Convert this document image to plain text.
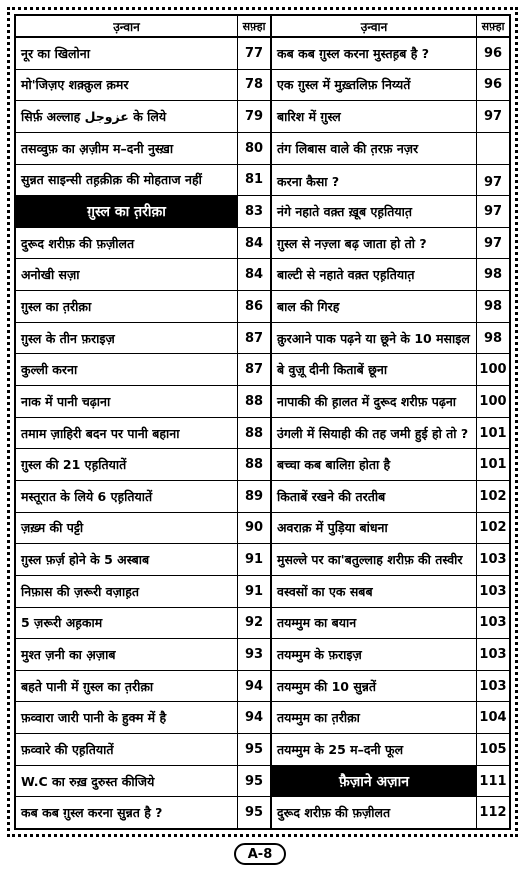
उ़न्वान	सफ़्हा
नूर का खिलोना	77
मो'जिज़ए शक़्क़ुल क़मर	78
सिर्फ़ अल्लाह عزوجل के लिये	79
तसव्वुफ़ का अ़ज़ीम म–दनी नुस्ख़ा	80
सुन्नत साइन्सी तह़क़ीक़ की मोहताज नहीं	81
ग़ुस्ल का त़रीक़ा	83
दुरूद शरीफ़ की फ़ज़ीलत	84
अनोखी सज़ा	84
ग़ुस्ल का त़रीक़ा	86
ग़ुस्ल के तीन फ़राइज़	87
कुल्ली करना	87
नाक में पानी चढ़ाना	88
तमाम ज़ाहिरी बदन पर पानी बहाना	88
ग़ुस्ल की 21 एह़तियातें	88
मस्तूरात के लिये 6 एह़तियातें	89
ज़ख़्म की पट्टी	90
ग़ुस्ल फ़र्ज़ होने के 5 अस्बाब	91
निफ़ास की ज़रूरी वज़ाह़त	91
5 ज़रूरी अह़काम	92
मुश्त ज़नी का अ़ज़ाब	93
बहते पानी में ग़ुस्ल का त़रीक़ा	94
फ़व्वारा जारी पानी के हुक्म में है	94
फ़व्वारे की एह़तियातें	95
W.C का रुख़ दुरुस्त कीजिये	95
कब कब ग़ुस्ल करना सुन्नत है ?	95
उ़न्वान	सफ़्हा
कब कब ग़ुस्ल करना मुस्तह़ब है ?	96
एक ग़ुस्ल में मुख़्तलिफ़ निय्यतें	96
बारिश में ग़ुस्ल	97
तंग लिबास वाले की त़रफ़ नज़र
करना कैसा ?	97
नंगे नहाते वक़्त ख़ूब एह़तियात़	97
ग़ुस्ल से नज़्ला बढ़ जाता हो तो ?	97
बाल्टी से नहाते वक़्त एह़तियात़	98
बाल की गिरह	98
क़ुरआने पाक पढ़ने या छूने के 10 मसाइल	98
बे वुज़ू दीनी किताबें छूना	100
नापाकी की ह़ालत में दुरूद शरीफ़ पढ़ना	100
उंगली में सियाही की तह जमी हुई हो तो ? 101
बच्चा कब बालिग़ होता है	101
किताबें रखने की तरतीब	102
अवराक़ में पुड़िया बांधना	102
मुसल्ले पर का'बतुल्लाह शरीफ़ की तस्वीर	103
वस्वसों का एक सबब	103
तयम्मुम का बयान	103
तयम्मुम के फ़राइज़	103
तयम्मुम की 10 सुन्नतें	103
तयम्मुम का त़रीक़ा	104
तयम्मुम के 25 म–दनी फूल	105
फ़ैज़ाने अज़ान	111
दुरूद शरीफ़ की फ़ज़ीलत	112
A-8
